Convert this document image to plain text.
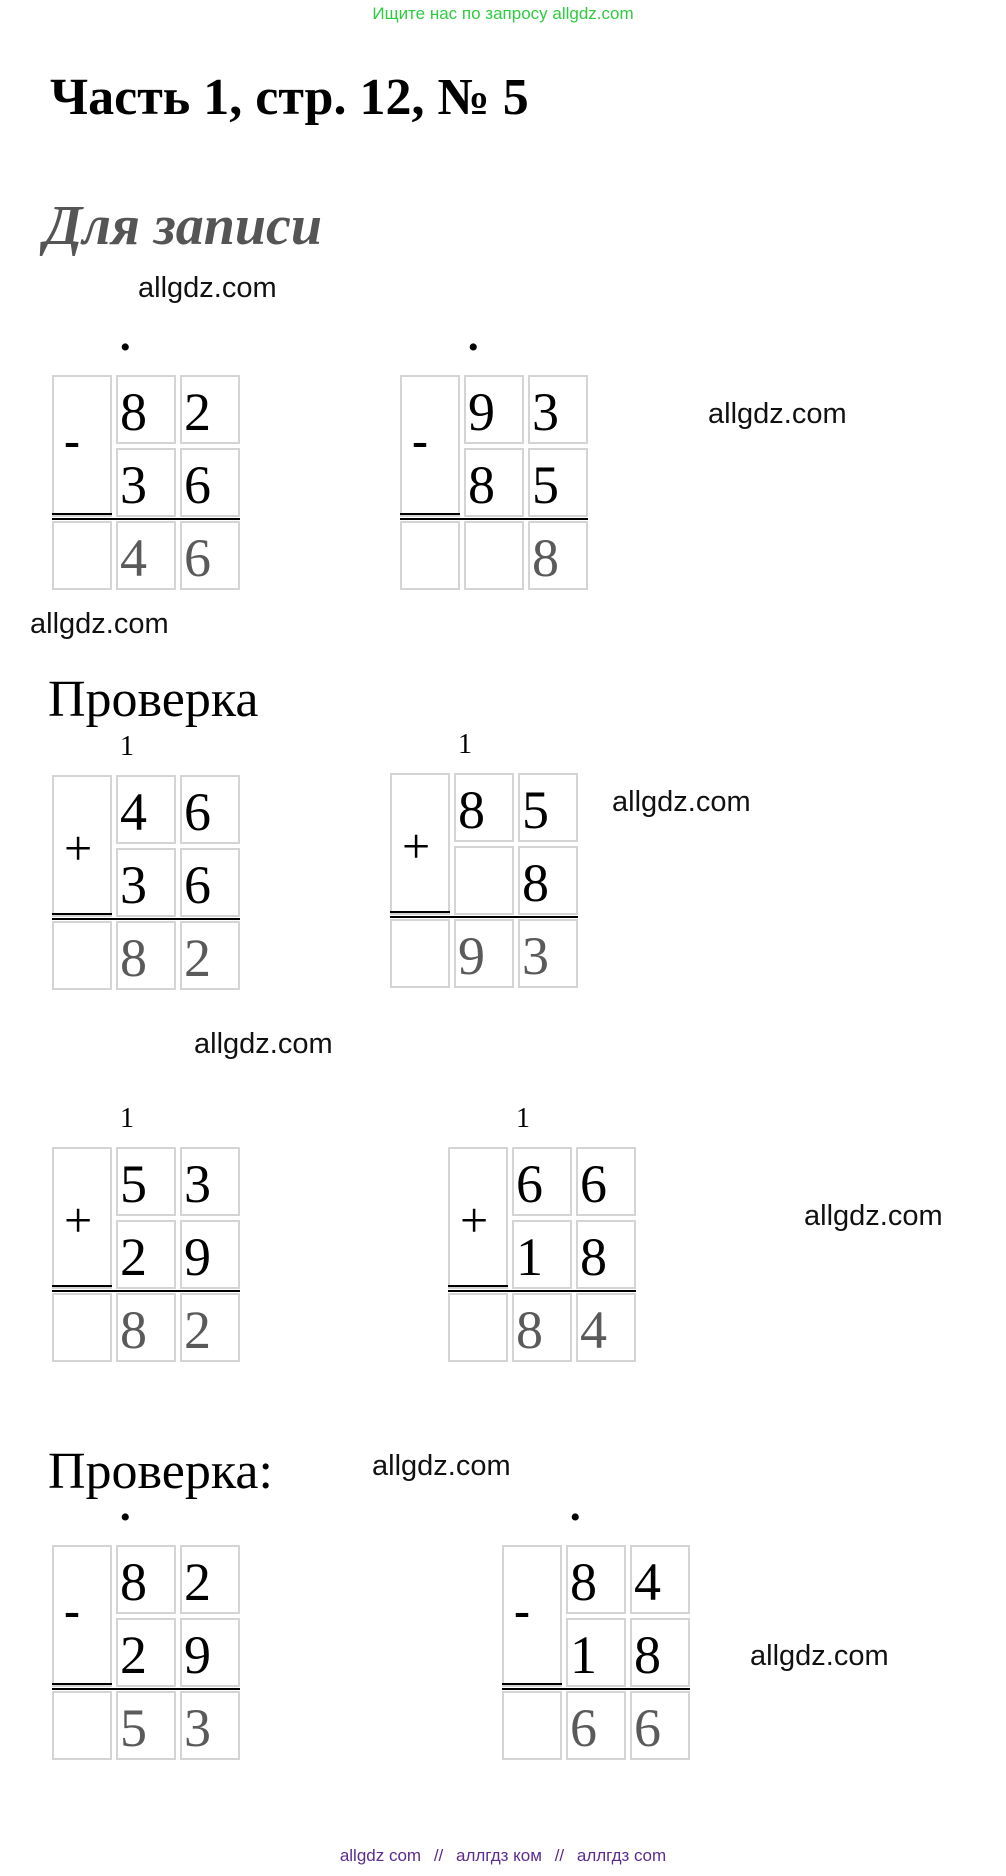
Ищите нас по запросу allgdz.com
Часть 1, стр. 12, № 5
Для записи
allgdz.com
allgdz.com
allgdz.com
allgdz.com
allgdz.com
allgdz.com
allgdz.com
allgdz.com
Проверка
Проверка:
- 8 2
3 6
4 6
•
- 9 3
8 5
8
•
+
4 6
3 6
8 2
1
+
8 5
8
9 3
1
+
5 3
2 9
8 2
1
+
6 6
1 8
8 4
1
- 8 2
2 9
5 3
•
- 8 4
1 8
6 6
•
allgdz com // аллгдз ком // аллгдз com
